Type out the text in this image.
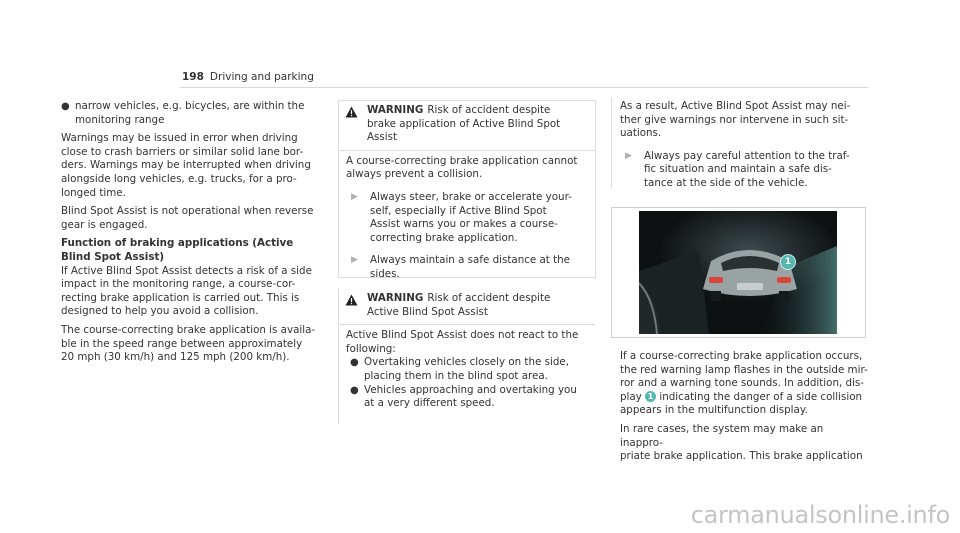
198 Driving and parking
● narrow vehicles, e.g. bicycles, are within the
monitoring range

Warnings may be issued in error when driving
close to crash barriers or similar solid lane bor-
ders. Warnings may be interrupted when driving
alongside long vehicles, e.g. trucks, for a pro-
longed time.

Blind Spot Assist is not operational when reverse
gear is engaged.

Function of braking applications (Active
Blind Spot Assist)

If Active Blind Spot Assist detects a risk of a side
impact in the monitoring range, a course-cor-
recting brake application is carried out. This is
designed to help you avoid a collision.

The course-correcting brake application is availa-
ble in the speed range between approximately
20 mph (30 km/h) and 125 mph (200 km/h).

WARNING Risk of accident despite
brake application of Active Blind Spot
Assist

A course-correcting brake application cannot
always prevent a collision.

▶	Always steer, brake or accelerate your-
self, especially if Active Blind Spot
Assist warns you or makes a course-
correcting brake application.

▶	Always maintain a safe distance at the
sides.

WARNING Risk of accident despite
Active Blind Spot Assist

Active Blind Spot Assist does not react to the
following:

● Overtaking vehicles closely on the side,
placing them in the blind spot area.

● Vehicles approaching and overtaking you
at a very different speed.

As a result, Active Blind Spot Assist may nei-
ther give warnings nor intervene in such sit-
uations.

▶	Always pay careful attention to the traf-
fic situation and maintain a safe dis-
tance at the side of the vehicle.

1

If a course-correcting brake application occurs,
the red warning lamp flashes in the outside mir-
ror and a warning tone sounds. In addition, dis-
play 1 indicating the danger of a side collision
appears in the multifunction display.

In rare cases, the system may make an inappro-
priate brake application. This brake application

carmanualsonline.info
